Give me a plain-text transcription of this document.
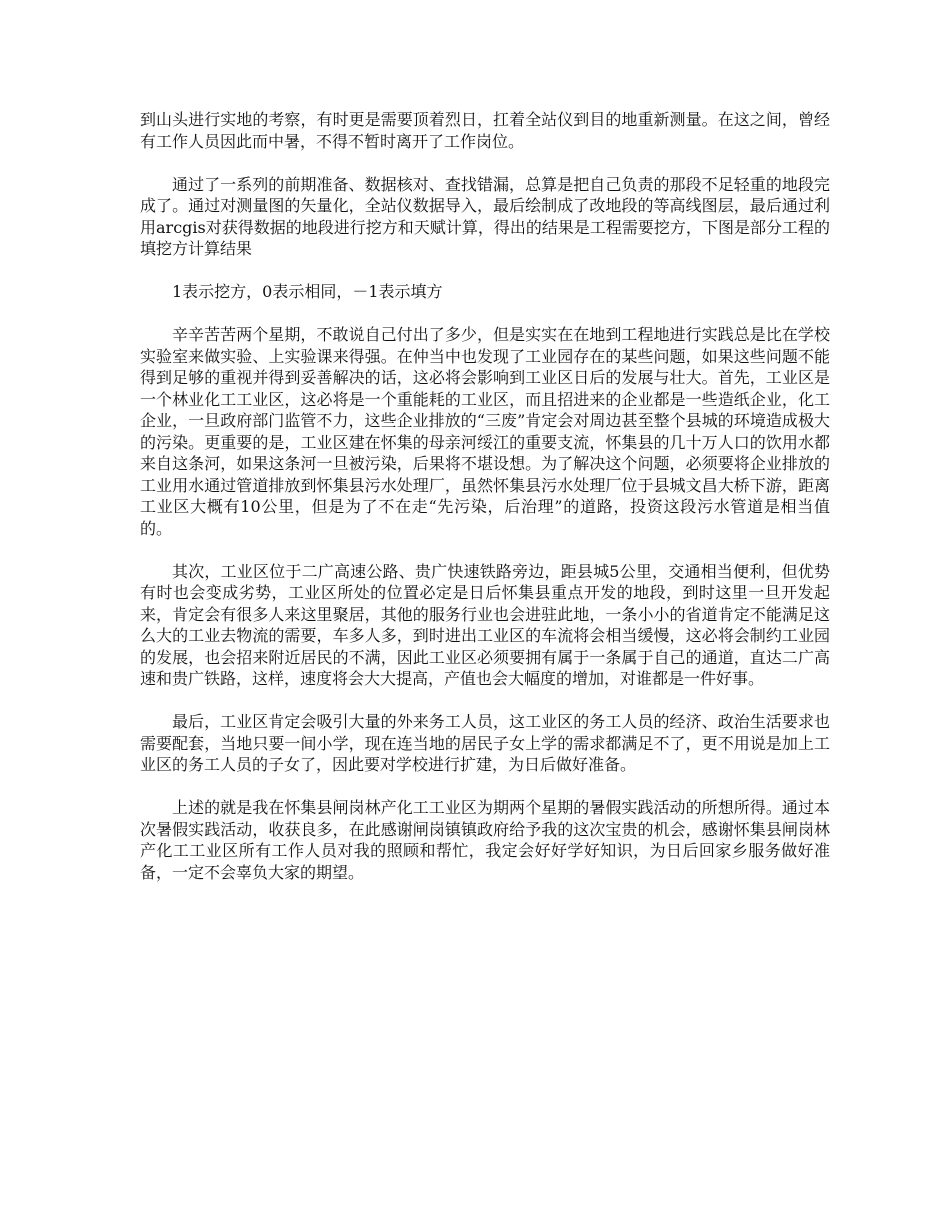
到山头进行实地的考察，有时更是需要顶着烈日，扛着全站仪到目的地重新测量。在这之间，曾经有工作人员因此而中暑，不得不暂时离开了工作岗位。

通过了一系列的前期准备、数据核对、查找错漏，总算是把自己负责的那段不足轻重的地段完成了。通过对测量图的矢量化，全站仪数据导入，最后绘制成了改地段的等高线图层，最后通过利用arcgis对获得数据的地段进行挖方和天赋计算，得出的结果是工程需要挖方，下图是部分工程的填挖方计算结果

1表示挖方，0表示相同，－1表示填方

辛辛苦苦两个星期，不敢说自己付出了多少，但是实实在在地到工程地进行实践总是比在学校实验室来做实验、上实验课来得强。在仲当中也发现了工业园存在的某些问题，如果这些问题不能得到足够的重视并得到妥善解决的话，这必将会影响到工业区日后的发展与壮大。首先，工业区是一个林业化工工业区，这必将是一个重能耗的工业区，而且招进来的企业都是一些造纸企业，化工企业，一旦政府部门监管不力，这些企业排放的“三废”肯定会对周边甚至整个县城的环境造成极大的污染。更重要的是，工业区建在怀集的母亲河绥江的重要支流，怀集县的几十万人口的饮用水都来自这条河，如果这条河一旦被污染，后果将不堪设想。为了解决这个问题，必须要将企业排放的工业用水通过管道排放到怀集县污水处理厂，虽然怀集县污水处理厂位于县城文昌大桥下游，距离工业区大概有10公里，但是为了不在走“先污染，后治理”的道路，投资这段污水管道是相当值的。

其次，工业区位于二广高速公路、贵广快速铁路旁边，距县城5公里，交通相当便利，但优势有时也会变成劣势，工业区所处的位置必定是日后怀集县重点开发的地段，到时这里一旦开发起来，肯定会有很多人来这里聚居，其他的服务行业也会进驻此地，一条小小的省道肯定不能满足这么大的工业去物流的需要，车多人多，到时进出工业区的车流将会相当缓慢，这必将会制约工业园的发展，也会招来附近居民的不满，因此工业区必须要拥有属于一条属于自己的通道，直达二广高速和贵广铁路，这样，速度将会大大提高，产值也会大幅度的增加，对谁都是一件好事。

最后，工业区肯定会吸引大量的外来务工人员，这工业区的务工人员的经济、政治生活要求也需要配套，当地只要一间小学，现在连当地的居民子女上学的需求都满足不了，更不用说是加上工业区的务工人员的子女了，因此要对学校进行扩建，为日后做好准备。

上述的就是我在怀集县闸岗林产化工工业区为期两个星期的暑假实践活动的所想所得。通过本次暑假实践活动，收获良多，在此感谢闸岗镇镇政府给予我的这次宝贵的机会，感谢怀集县闸岗林产化工工业区所有工作人员对我的照顾和帮忙，我定会好好学好知识，为日后回家乡服务做好准备，一定不会辜负大家的期望。
